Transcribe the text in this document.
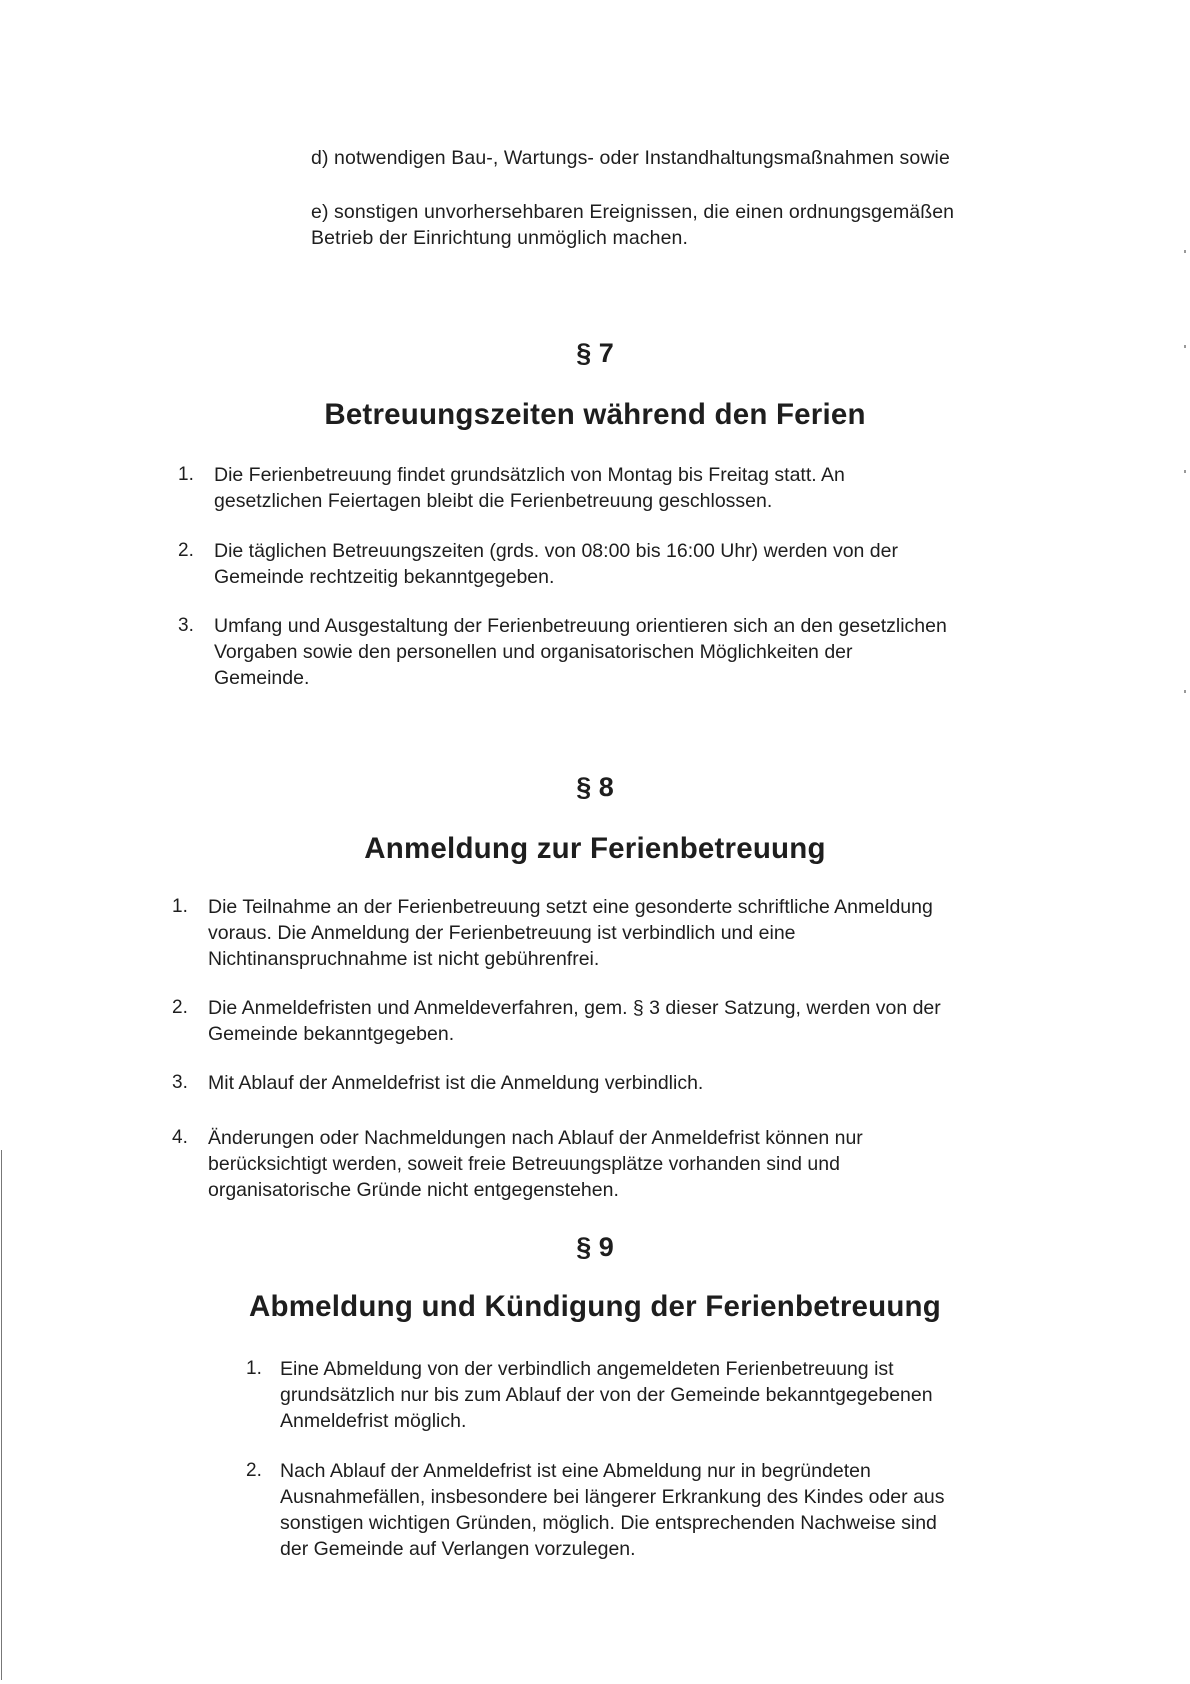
d) notwendigen Bau-, Wartungs- oder Instandhaltungsmaßnahmen sowie

e) sonstigen unvorhersehbaren Ereignissen, die einen ordnungsgemäßen

Betrieb der Einrichtung unmöglich machen.

§ 7
Betreuungszeiten während den Ferien
1. Die Ferienbetreuung findet grundsätzlich von Montag bis Freitag statt. An
gesetzlichen Feiertagen bleibt die Ferienbetreuung geschlossen.
2. Die täglichen Betreuungszeiten (grds. von 08:00 bis 16:00 Uhr) werden von der
Gemeinde rechtzeitig bekanntgegeben.
3. Umfang und Ausgestaltung der Ferienbetreuung orientieren sich an den gesetzlichen
Vorgaben sowie den personellen und organisatorischen Möglichkeiten der
Gemeinde.
§ 8
Anmeldung zur Ferienbetreuung
1. Die Teilnahme an der Ferienbetreuung setzt eine gesonderte schriftliche Anmeldung
voraus. Die Anmeldung der Ferienbetreuung ist verbindlich und eine
Nichtinanspruchnahme ist nicht gebührenfrei.
2. Die Anmeldefristen und Anmeldeverfahren, gem. § 3 dieser Satzung, werden von der
Gemeinde bekanntgegeben.
3. Mit Ablauf der Anmeldefrist ist die Anmeldung verbindlich.
4. Änderungen oder Nachmeldungen nach Ablauf der Anmeldefrist können nur
berücksichtigt werden, soweit freie Betreuungsplätze vorhanden sind und
organisatorische Gründe nicht entgegenstehen.
§ 9
Abmeldung und Kündigung der Ferienbetreuung
1. Eine Abmeldung von der verbindlich angemeldeten Ferienbetreuung ist
grundsätzlich nur bis zum Ablauf der von der Gemeinde bekanntgegebenen
Anmeldefrist möglich.
2. Nach Ablauf der Anmeldefrist ist eine Abmeldung nur in begründeten
Ausnahmefällen, insbesondere bei längerer Erkrankung des Kindes oder aus
sonstigen wichtigen Gründen, möglich. Die entsprechenden Nachweise sind
der Gemeinde auf Verlangen vorzulegen.
